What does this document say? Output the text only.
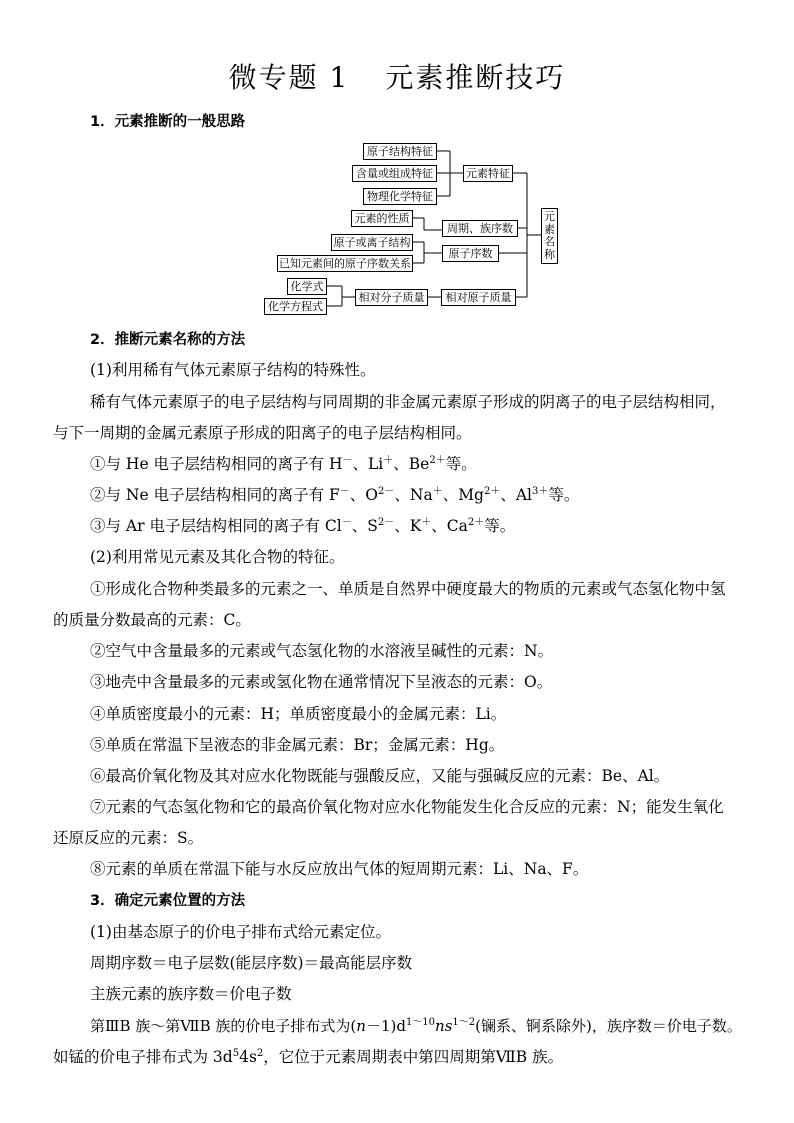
微专题 1 元素推断技巧
1．元素推断的一般思路
原子结构特征
含量或组成特征
物理化学特征
元素特征
元素的性质
原子或离子结构
已知元素间的原子序数关系
周期、族序数
原子序数
化学式
化学方程式
相对分子质量	相对原子质量
元素名称
2．推断元素名称的方法
(1)利用稀有气体元素原子结构的特殊性。
稀有气体元素原子的电子层结构与同周期的非金属元素原子形成的阴离子的电子层结构相同，
与下一周期的金属元素原子形成的阳离子的电子层结构相同。
①与 He 电子层结构相同的离子有 H－、Li＋、$Be^{2+}$等。
②与 Ne 电子层结构相同的离子有 F－、$O^{2-}$、Na＋、$Mg^{2+}$、$Al^{3+}$等。
③与 Ar 电子层结构相同的离子有 Cl－、$S^{2-}$、K＋、$Ca^{2+}$等。
(2)利用常见元素及其化合物的特征。
①形成化合物种类最多的元素之一、单质是自然界中硬度最大的物质的元素或气态氢化物中氢
的质量分数最高的元素：C。
②空气中含量最多的元素或气态氢化物的水溶液呈碱性的元素：N。
③地壳中含量最多的元素或氢化物在通常情况下呈液态的元素：O。
④单质密度最小的元素：H；单质密度最小的金属元素：Li。
⑤单质在常温下呈液态的非金属元素：Br；金属元素：Hg。
⑥最高价氧化物及其对应水化物既能与强酸反应，又能与强碱反应的元素：Be、Al。
⑦元素的气态氢化物和它的最高价氧化物对应水化物能发生化合反应的元素：N；能发生氧化
还原反应的元素：S。
⑧元素的单质在常温下能与水反应放出气体的短周期元素：Li、Na、F。
3．确定元素位置的方法
(1)由基态原子的价电子排布式给元素定位。
周期序数＝电子层数(能层序数)＝最高能层序数
主族元素的族序数＝价电子数
第ⅢB 族～第ⅦB 族的价电子排布式为$(n-1)d^{1\sim 10}ns^{1\sim 2}$(镧系、锕系除外)，族序数＝价电子数。
如锰的价电子排布式为 $3d^54s^2$，它位于元素周期表中第四周期第ⅦB 族。
